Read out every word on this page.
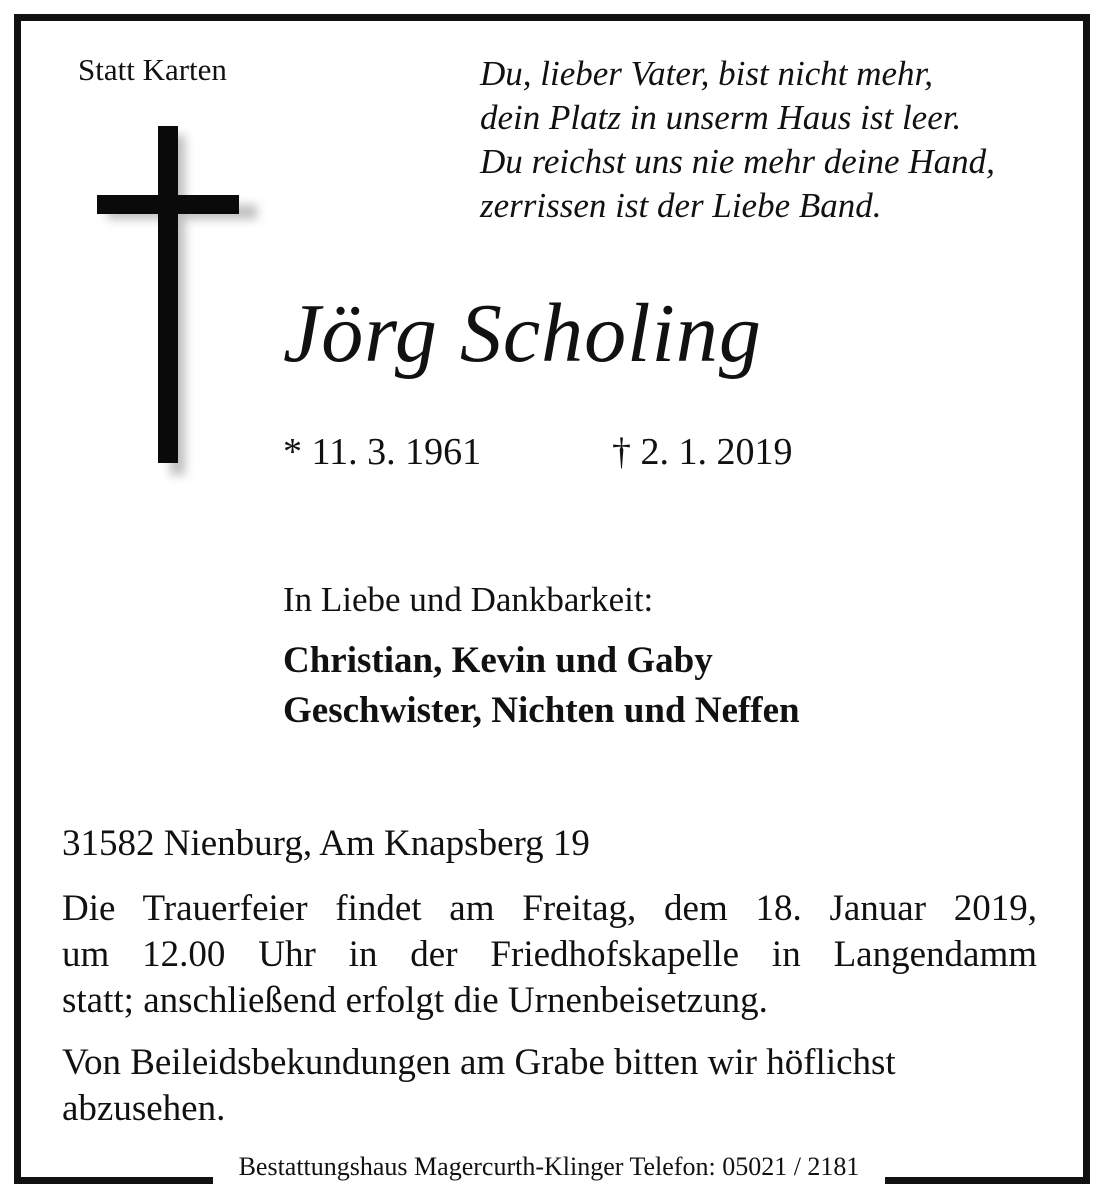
Statt Karten	Du, lieber Vater, bist nicht mehr,
dein Platz in unserm Haus ist leer.
Du reichst uns nie mehr deine Hand,
zerrissen ist der Liebe Band.
Jörg Scholing
* 11. 3. 1961	† 2. 1. 2019
In Liebe und Dankbarkeit:
Christian, Kevin und Gaby
Geschwister, Nichten und Neffen
31582 Nienburg, Am Knapsberg 19
Die Trauerfeier findet am Freitag, dem 18. Januar 2019,
um 12.00 Uhr in der Friedhofskapelle in Langendamm
statt; anschließend erfolgt die Urnenbeisetzung.
Von Beileidsbekundungen am Grabe bitten wir höflichst
abzusehen.
Bestattungshaus Magercurth-Klinger Telefon: 05021 / 2181
